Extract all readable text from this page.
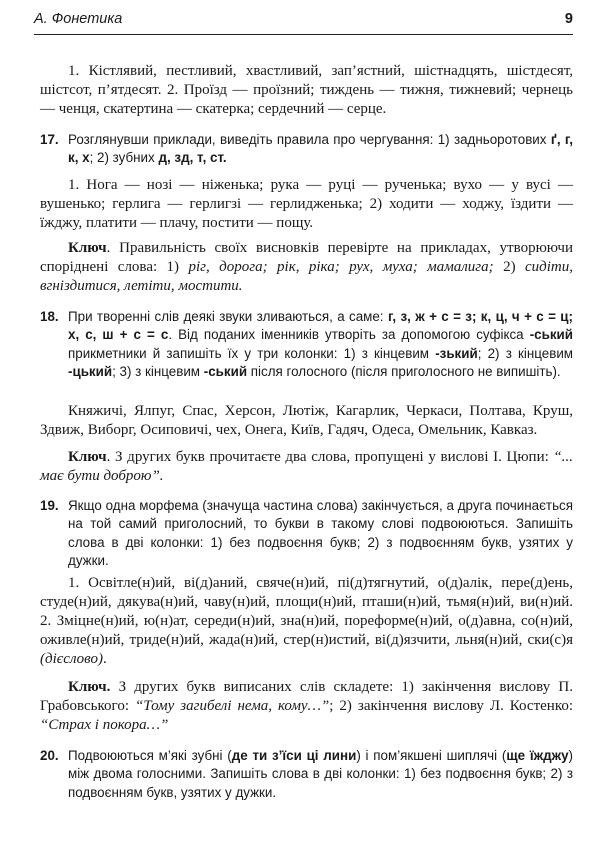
А. Фонетика	9
1. Кістлявий, пестливий, хвастливий, зап’ястний, шістнадцять, шістдесят, шістсот, п’ятдесят. 2. Проїзд — проїзний; тиждень — тижня, тижневий; чернець — ченця, скатертина — скатерка; сердечний — серце.
17. Розглянувши приклади, виведіть правила про чергування: 1) задньоротових ґ, г, к, х; 2) зубних д, зд, т, ст.
1. Нога — нозі — ніженька; рука — руці — рученька; вухо — у вусі — вушенько; герлига — герлигзі — герлидженька; 2) ходити — ходжу, їздити — їжджу, платити — плачу, постити — пощу.
Ключ. Правильність своїх висновків перевірте на прикладах, утворюючи споріднені слова: 1) ріг, дорога; рік, ріка; рух, муха; мамалига; 2) сидіти, вгніздитися, летіти, мостити.
18. При творенні слів деякі звуки зливаються, а саме: г, з, ж + с = з; к, ц, ч + с = ц; х, с, ш + с = с. Від поданих іменників утворіть за допомогою суфікса -ський прикметники й запишіть їх у три колонки: 1) з кінцевим -зький; 2) з кінцевим -цький; 3) з кінцевим -ський після голосного (після приголосного не випишіть).
Княжичі, Ялпуг, Спас, Херсон, Лютіж, Кагарлик, Черкаси, Полтава, Круш, Здвиж, Виборг, Осиповичі, чех, Онега, Київ, Гадяч, Одеса, Омельник, Кавказ.
Ключ. З других букв прочитаєте два слова, пропущені у вислові І. Цюпи: “... має бути доброю”.
19. Якщо одна морфема (значуща частина слова) закінчується, а друга починається на той самий приголосний, то букви в такому слові подвоюються. Запишіть слова в дві колонки: 1) без подвоєння букв; 2) з подвоєнням букв, узятих у дужки.
1. Освітле(н)ий, ві(д)аний, свяче(н)ий, пі(д)тягнутий, о(д)алік, пере(д)ень, студе(н)ий, дякува(н)ий, чаву(н)ий, площи(н)ий, пташи(н)ий, тьмя(н)ий, ви(н)ий. 2. Змiцне(н)ий, ю(н)ат, середи(н)ий, зна(н)ий, пореформе(н)ий, о(д)авна, со(н)ий, оживле(н)ий, триде(н)ий, жада(н)ий, стер(н)истий, ві(д)язчити, льня(н)ий, ски(с)я (дієслово).
Ключ. З других букв виписаних слів складете: 1) закінчення вислову П. Грабовського: “Тому загибелі нема, кому…”; 2) закінчення вислову Л. Костенко: “Страх і покора…”
20. Подвоюються м’які зубні (де ти з’їси ці лини) і пом’якшені шиплячі (ще їжджу) між двома голосними. Запишіть слова в дві колонки: 1) без подвоєння букв; 2) з подвоєнням букв, узятих у дужки.
